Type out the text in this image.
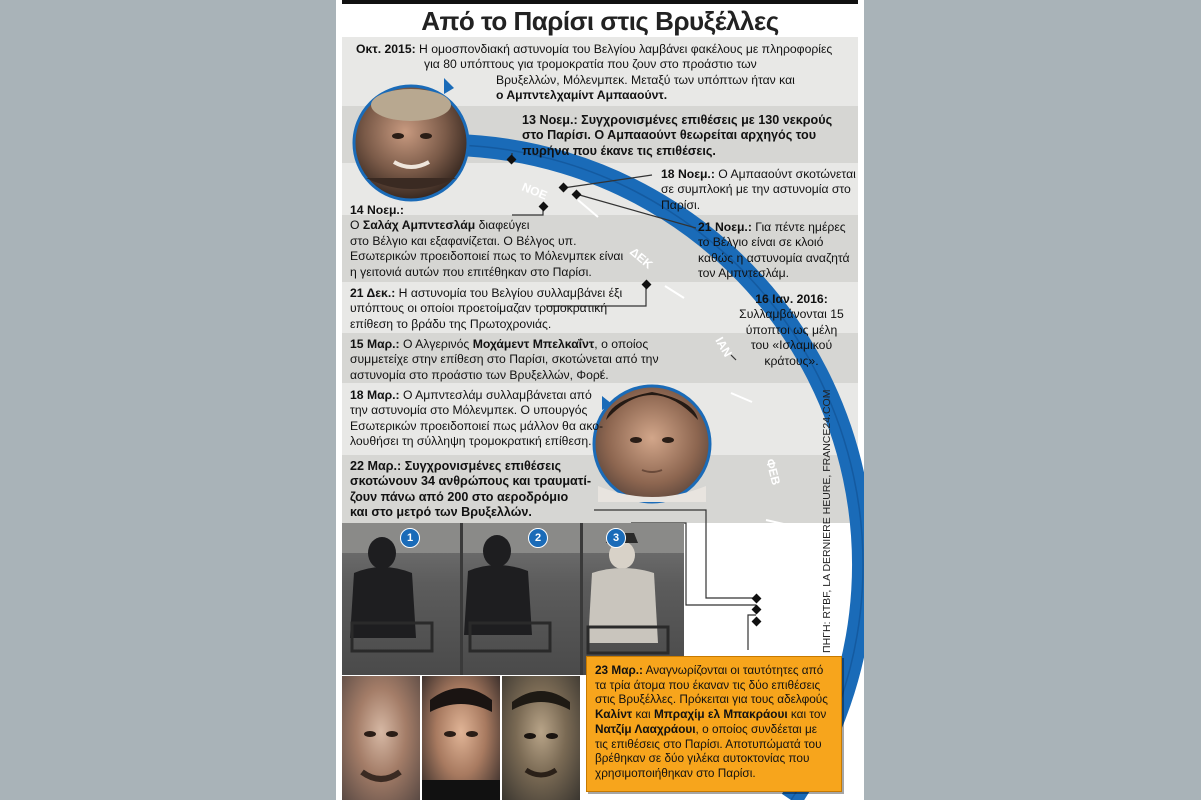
Από το Παρίσι στις Βρυξέλλες
ΝΟΕ
ΔΕΚ
ΙΑΝ
ΦΕΒ
ΜΑΡ
Οκτ. 2015: Η ομοσπονδιακή αστυνομία του Βελγίου λαμβάνει φακέλους με πληροφορίες
για 80 υπόπτους για τρομοκρατία που ζουν στο προάστιο των
Βρυξελλών, Μόλενμπεκ. Μεταξύ των υπόπτων ήταν και
ο Αμπντελχαμίντ Αμπααούντ.
13 Νοεμ.: Συγχρονισμένες επιθέσεις με 130 νεκρούς
στο Παρίσι. Ο Αμπααούντ θεωρείται αρχηγός του
πυρήνα που έκανε τις επιθέσεις.
18 Νοεμ.: Ο Αμπααούντ σκοτώνεται
σε συμπλοκή με την αστυνομία στο
Παρίσι.
14 Νοεμ.:
Ο Σαλάχ Αμπντεσλάμ διαφεύγει
στο Βέλγιο και εξαφανίζεται. Ο Βέλγος υπ.
Εσωτερικών προειδοποιεί πως το Μόλενμπεκ είναι
η γειτονιά αυτών που επιτέθηκαν στο Παρίσι.
21 Νοεμ.: Για πέντε ημέρες
το Βέλγιο είναι σε κλοιό
καθώς η αστυνομία αναζητά
τον Αμπντεσλάμ.
21 Δεκ.: Η αστυνομία του Βελγίου συλλαμβάνει έξι
υπόπτους οι οποίοι προετοίμαζαν τρομοκρατική
επίθεση το βράδυ της Πρωτοχρονιάς.
16 Ιαν. 2016:
Συλλαμβάνονται 15
ύποπτοι ως μέλη
του «Ισλαμικού
κράτους».
15 Μαρ.: Ο Αλγερινός Μοχάμεντ Μπελκαΐντ, ο οποίος
συμμετείχε στην επίθεση στο Παρίσι, σκοτώνεται από την
αστυνομία στο προάστιο των Βρυξελλών, Φορέ.
18 Μαρ.: Ο Αμπντεσλάμ συλλαμβάνεται από
την αστυνομία στο Μόλενμπεκ. Ο υπουργός
Εσωτερικών προειδοποιεί πως μάλλον θα ακο-
λουθήσει τη σύλληψη τρομοκρατική επίθεση.
22 Μαρ.: Συγχρονισμένες επιθέσεις
σκοτώνουν 34 ανθρώπους και τραυματί-
ζουν πάνω από 200 στο αεροδρόμιο
και στο μετρό των Βρυξελλών.
1	2	3
23 Μαρ.: Αναγνωρίζονται οι ταυτότητες από
τα τρία άτομα που έκαναν τις δύο επιθέσεις
στις Βρυξέλλες. Πρόκειται για τους αδελφούς
Καλίντ και Μπραχίμ ελ Μπακράουι και τον
Νατζίμ Λααχράουι, ο οποίος συνδέεται με
τις επιθέσεις στο Παρίσι. Αποτυπώματά του
βρέθηκαν σε δύο γιλέκα αυτοκτονίας που
χρησιμοποιήθηκαν στο Παρίσι.
ΠΗΓΗ: RTBF, LA DERNIERE HEURE, FRANCE24.COM
